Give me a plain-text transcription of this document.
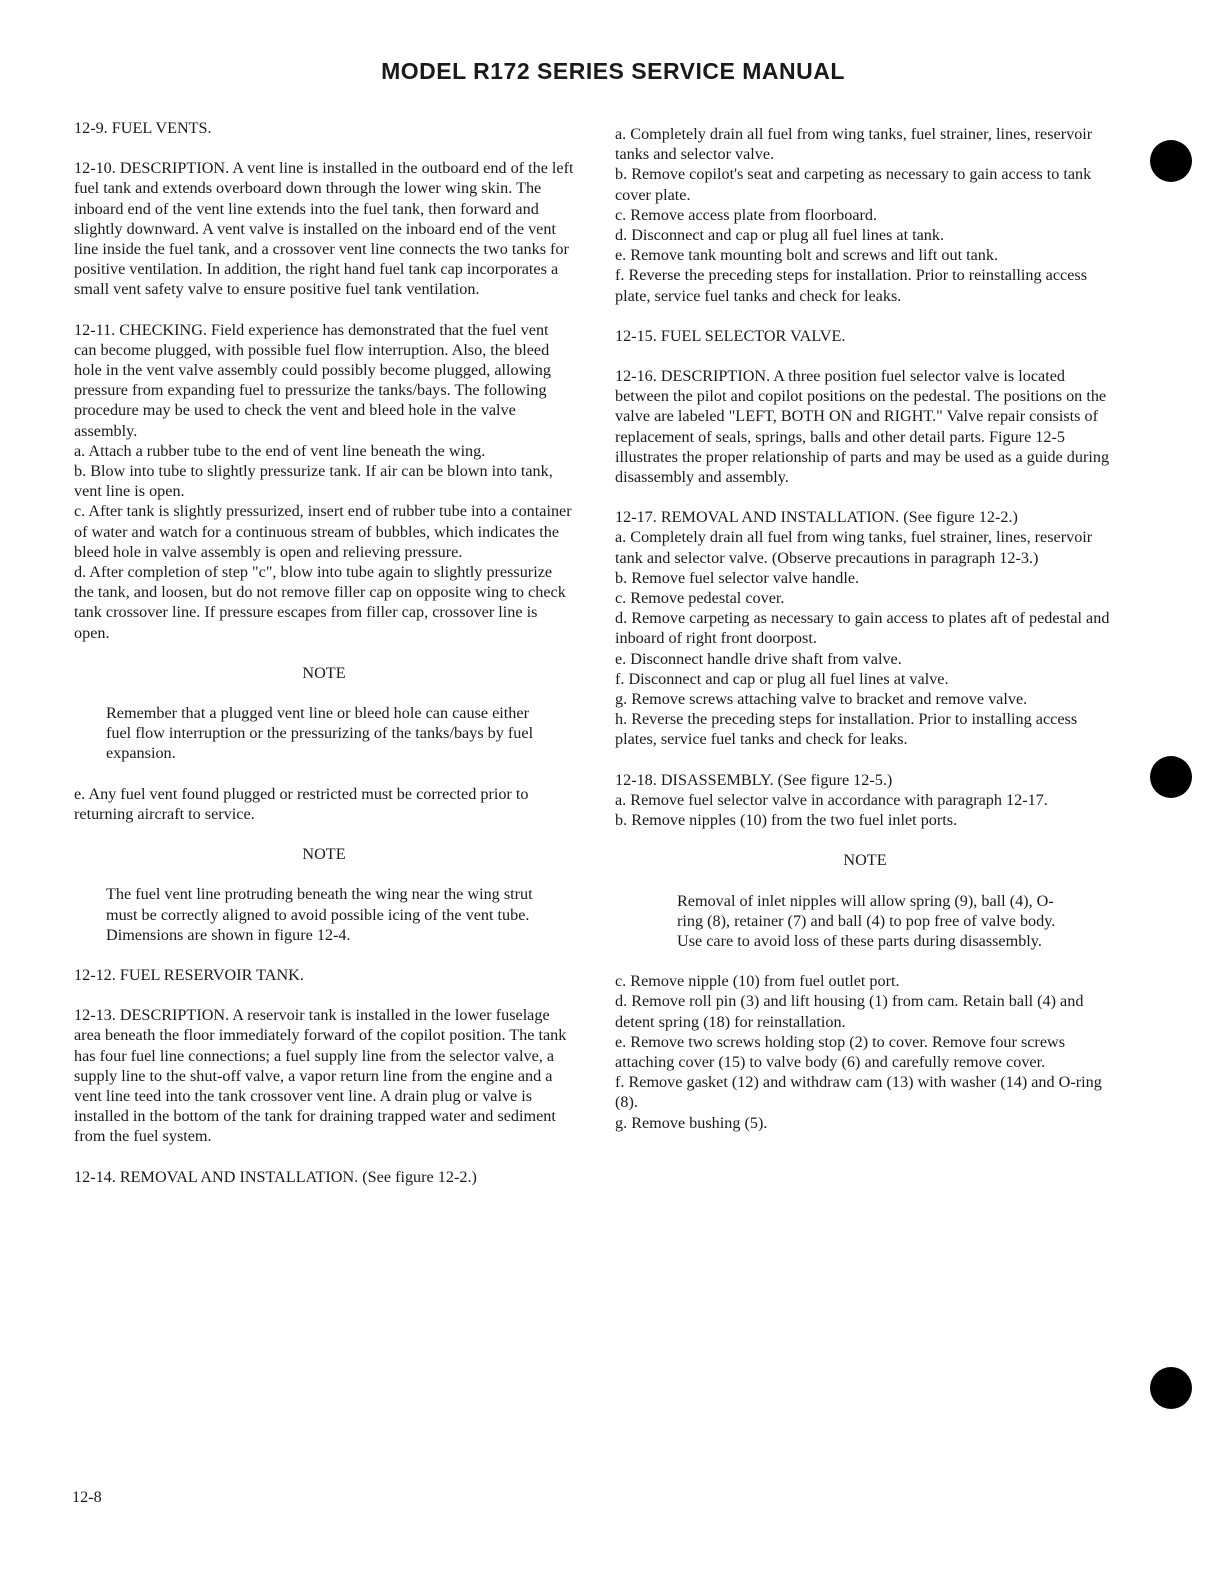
MODEL R172 SERIES SERVICE MANUAL

12-9. FUEL VENTS.

12-10. DESCRIPTION. A vent line is installed in the outboard end of the left fuel tank and extends overboard down through the lower wing skin. The inboard end of the vent line extends into the fuel tank, then forward and slightly downward. A vent valve is installed on the inboard end of the vent line inside the fuel tank, and a crossover vent line connects the two tanks for positive ventilation. In addition, the right hand fuel tank cap incorporates a small vent safety valve to ensure positive fuel tank ventilation.

12-11. CHECKING. Field experience has demonstrated that the fuel vent can become plugged, with possible fuel flow interruption. Also, the bleed hole in the vent valve assembly could possibly become plugged, allowing pressure from expanding fuel to pressurize the tanks/bays. The following procedure may be used to check the vent and bleed hole in the valve assembly.

a. Attach a rubber tube to the end of vent line beneath the wing.

b. Blow into tube to slightly pressurize tank. If air can be blown into tank, vent line is open.

c. After tank is slightly pressurized, insert end of rubber tube into a container of water and watch for a continuous stream of bubbles, which indicates the bleed hole in valve assembly is open and relieving pressure.

d. After completion of step "c", blow into tube again to slightly pressurize the tank, and loosen, but do not remove filler cap on opposite wing to check tank crossover line. If pressure escapes from filler cap, crossover line is open.

NOTE

Remember that a plugged vent line or bleed hole can cause either fuel flow interruption or the pressurizing of the tanks/bays by fuel expansion.

e. Any fuel vent found plugged or restricted must be corrected prior to returning aircraft to service.

NOTE

The fuel vent line protruding beneath the wing near the wing strut must be correctly aligned to avoid possible icing of the vent tube. Dimensions are shown in figure 12-4.

12-12. FUEL RESERVOIR TANK.

12-13. DESCRIPTION. A reservoir tank is installed in the lower fuselage area beneath the floor immediately forward of the copilot position. The tank has four fuel line connections; a fuel supply line from the selector valve, a supply line to the shut-off valve, a vapor return line from the engine and a vent line teed into the tank crossover vent line. A drain plug or valve is installed in the bottom of the tank for draining trapped water and sediment from the fuel system.

12-14. REMOVAL AND INSTALLATION. (See figure 12-2.)

a. Completely drain all fuel from wing tanks, fuel strainer, lines, reservoir tanks and selector valve.

b. Remove copilot's seat and carpeting as necessary to gain access to tank cover plate.

c. Remove access plate from floorboard.

d. Disconnect and cap or plug all fuel lines at tank.

e. Remove tank mounting bolt and screws and lift out tank.

f. Reverse the preceding steps for installation. Prior to reinstalling access plate, service fuel tanks and check for leaks.

12-15. FUEL SELECTOR VALVE.

12-16. DESCRIPTION. A three position fuel selector valve is located between the pilot and copilot positions on the pedestal. The positions on the valve are labeled "LEFT, BOTH ON and RIGHT." Valve repair consists of replacement of seals, springs, balls and other detail parts. Figure 12-5 illustrates the proper relationship of parts and may be used as a guide during disassembly and assembly.

12-17. REMOVAL AND INSTALLATION. (See figure 12-2.)

a. Completely drain all fuel from wing tanks, fuel strainer, lines, reservoir tank and selector valve. (Observe precautions in paragraph 12-3.)

b. Remove fuel selector valve handle.

c. Remove pedestal cover.

d. Remove carpeting as necessary to gain access to plates aft of pedestal and inboard of right front doorpost.

e. Disconnect handle drive shaft from valve.

f. Disconnect and cap or plug all fuel lines at valve.

g. Remove screws attaching valve to bracket and remove valve.

h. Reverse the preceding steps for installation. Prior to installing access plates, service fuel tanks and check for leaks.

12-18. DISASSEMBLY. (See figure 12-5.)

a. Remove fuel selector valve in accordance with paragraph 12-17.

b. Remove nipples (10) from the two fuel inlet ports.

NOTE

Removal of inlet nipples will allow spring (9), ball (4), O-ring (8), retainer (7) and ball (4) to pop free of valve body. Use care to avoid loss of these parts during disassembly.

c. Remove nipple (10) from fuel outlet port.

d. Remove roll pin (3) and lift housing (1) from cam. Retain ball (4) and detent spring (18) for reinstallation.

e. Remove two screws holding stop (2) to cover. Remove four screws attaching cover (15) to valve body (6) and carefully remove cover.

f. Remove gasket (12) and withdraw cam (13) with washer (14) and O-ring (8).

g. Remove bushing (5).

12-8
